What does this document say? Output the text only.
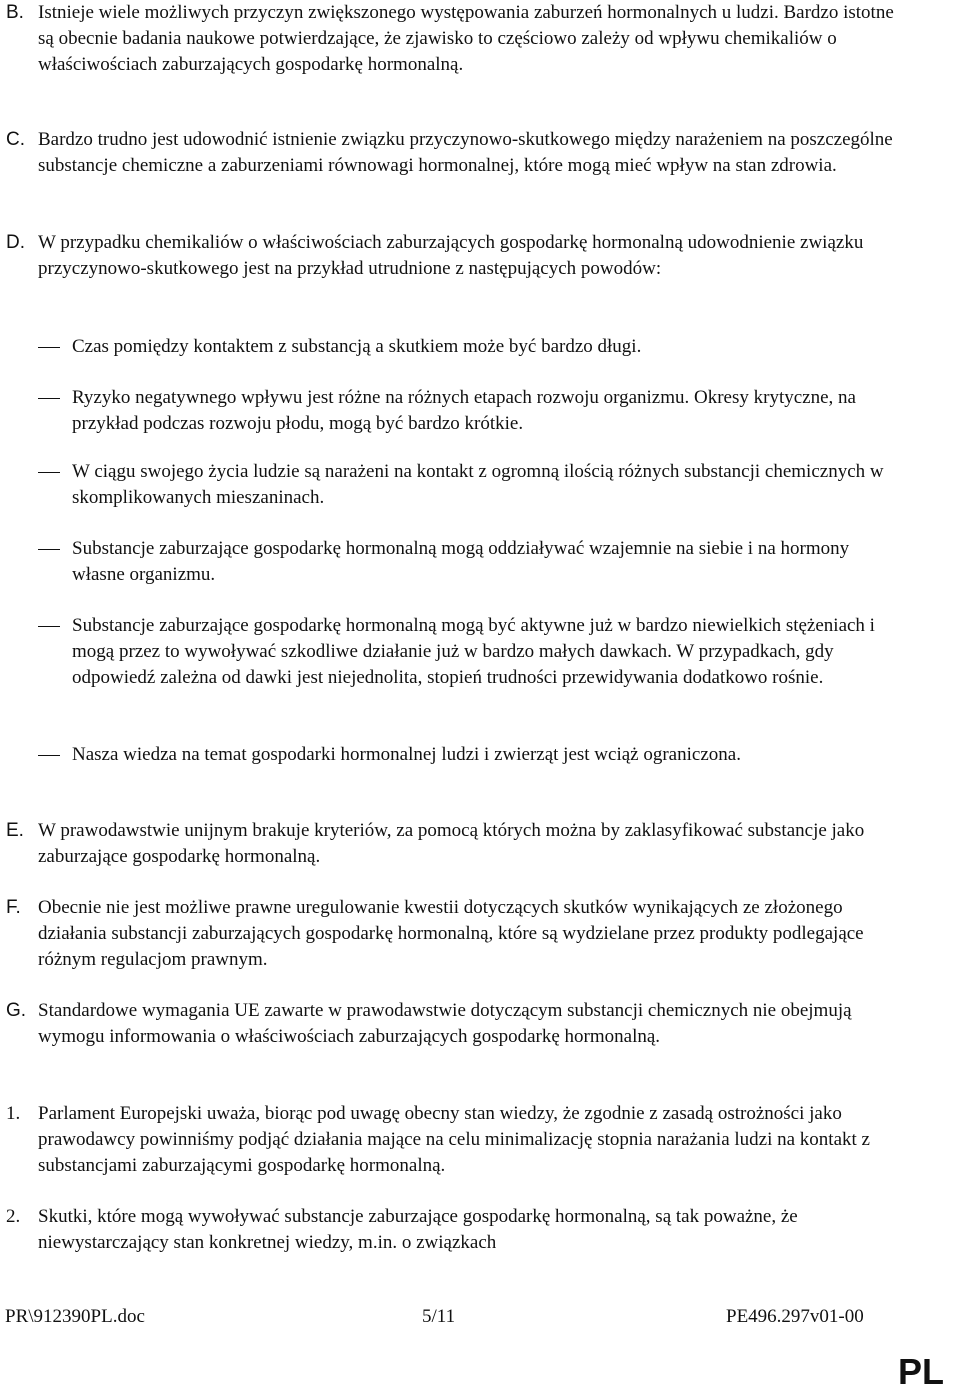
B. Istnieje wiele możliwych przyczyn zwiększonego występowania zaburzeń hormonalnych u ludzi. Bardzo istotne są obecnie badania naukowe potwierdzające, że zjawisko to częściowo zależy od wpływu chemikaliów o właściwościach zaburzających gospodarkę hormonalną.
C. Bardzo trudno jest udowodnić istnienie związku przyczynowo-skutkowego między narażeniem na poszczególne substancje chemiczne a zaburzeniami równowagi hormonalnej, które mogą mieć wpływ na stan zdrowia.
D. W przypadku chemikaliów o właściwościach zaburzających gospodarkę hormonalną udowodnienie związku przyczynowo-skutkowego jest na przykład utrudnione z następujących powodów:
Czas pomiędzy kontaktem z substancją a skutkiem może być bardzo długi.
Ryzyko negatywnego wpływu jest różne na różnych etapach rozwoju organizmu. Okresy krytyczne, na przykład podczas rozwoju płodu, mogą być bardzo krótkie.
W ciągu swojego życia ludzie są narażeni na kontakt z ogromną ilością różnych substancji chemicznych w skomplikowanych mieszaninach.
Substancje zaburzające gospodarkę hormonalną mogą oddziaływać wzajemnie na siebie i na hormony własne organizmu.
Substancje zaburzające gospodarkę hormonalną mogą być aktywne już w bardzo niewielkich stężeniach i mogą przez to wywoływać szkodliwe działanie już w bardzo małych dawkach. W przypadkach, gdy odpowiedź zależna od dawki jest niejednolita, stopień trudności przewidywania dodatkowo rośnie.
Nasza wiedza na temat gospodarki hormonalnej ludzi i zwierząt jest wciąż ograniczona.
E. W prawodawstwie unijnym brakuje kryteriów, za pomocą których można by zaklasyfikować substancje jako zaburzające gospodarkę hormonalną.
F. Obecnie nie jest możliwe prawne uregulowanie kwestii dotyczących skutków wynikających ze złożonego działania substancji zaburzających gospodarkę hormonalną, które są wydzielane przez produkty podlegające różnym regulacjom prawnym.
G. Standardowe wymagania UE zawarte w prawodawstwie dotyczącym substancji chemicznych nie obejmują wymogu informowania o właściwościach zaburzających gospodarkę hormonalną.
1. Parlament Europejski uważa, biorąc pod uwagę obecny stan wiedzy, że zgodnie z zasadą ostrożności jako prawodawcy powinniśmy podjąć działania mające na celu minimalizację stopnia narażania ludzi na kontakt z substancjami zaburzającymi gospodarkę hormonalną.
2. Skutki, które mogą wywoływać substancje zaburzające gospodarkę hormonalną, są tak poważne, że niewystarczający stan konkretnej wiedzy, m.in. o związkach
PR\912390PL.doc	5/11	PE496.297v01-00
PL
